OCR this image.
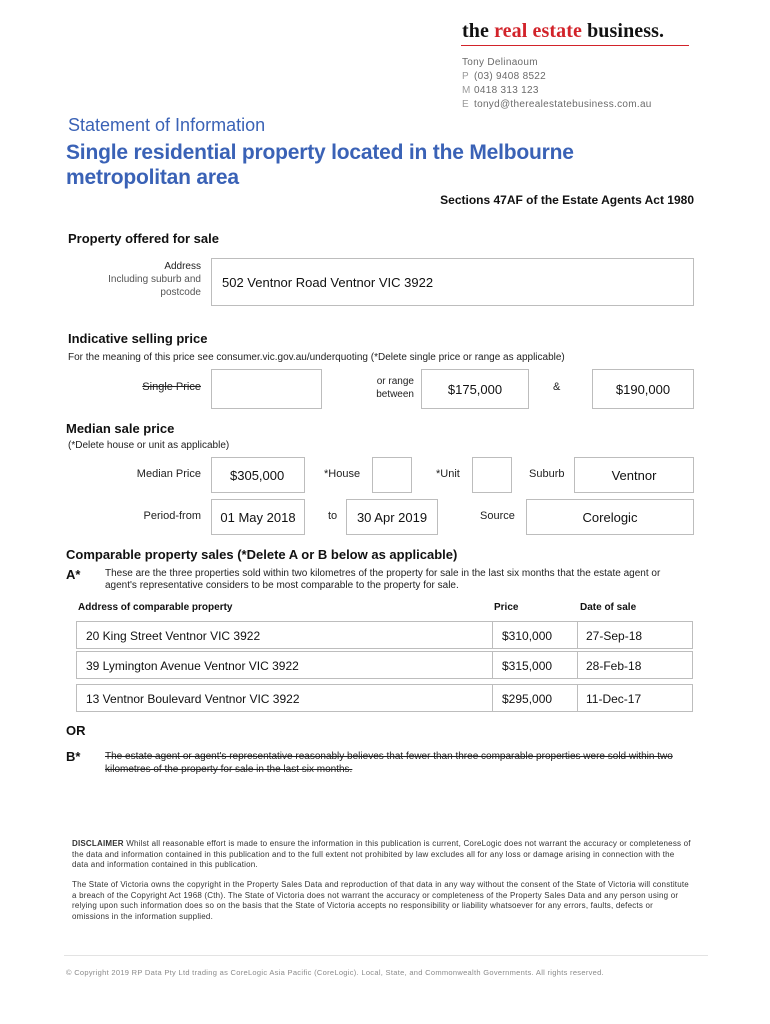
the real estate business.
Tony Delinaoum
P (03) 9408 8522
M 0418 313 123
E tonyd@therealestatebusiness.com.au
Statement of Information
Single residential property located in the Melbourne metropolitan area
Sections 47AF of the Estate Agents Act 1980
Property offered for sale
Address
Including suburb and
postcode
502 Ventnor Road Ventnor VIC 3922
Indicative selling price
For the meaning of this price see consumer.vic.gov.au/underquoting (*Delete single price or range as applicable)
Single Price	or range
between	$175,000	&	$190,000
Median sale price
(*Delete house or unit as applicable)
Median Price $305,000	*House	*Unit	Suburb	Ventnor
Period-from 01 May 2018	to 30 Apr 2019	Source	Corelogic
Comparable property sales (*Delete A or B below as applicable)
A* These are the three properties sold within two kilometres of the property for sale in the last six months that the estate agent or agent's representative considers to be most comparable to the property for sale.
Address of comparable property	Price	Date of sale
20 King Street Ventnor VIC 3922	$310,000	27-Sep-18
39 Lymington Avenue Ventnor VIC 3922	$315,000	28-Feb-18
13 Ventnor Boulevard Ventnor VIC 3922	$295,000	11-Dec-17
OR
B* The estate agent or agent's representative reasonably believes that fewer than three comparable properties were sold within two kilometres of the property for sale in the last six months.
DISCLAIMER Whilst all reasonable effort is made to ensure the information in this publication is current, CoreLogic does not warrant the accuracy or completeness of the data and information contained in this publication and to the full extent not prohibited by law excludes all for any loss or damage arising in connection with the data and information contained in this publication.
The State of Victoria owns the copyright in the Property Sales Data and reproduction of that data in any way without the consent of the State of Victoria will constitute a breach of the Copyright Act 1968 (Cth). The State of Victoria does not warrant the accuracy or completeness of the Property Sales Data and any person using or relying upon such information does so on the basis that the State of Victoria accepts no responsibility or liability whatsoever for any errors, faults, defects or omissions in the information supplied.
© Copyright 2019 RP Data Pty Ltd trading as CoreLogic Asia Pacific (CoreLogic). Local, State, and Commonwealth Governments. All rights reserved.
